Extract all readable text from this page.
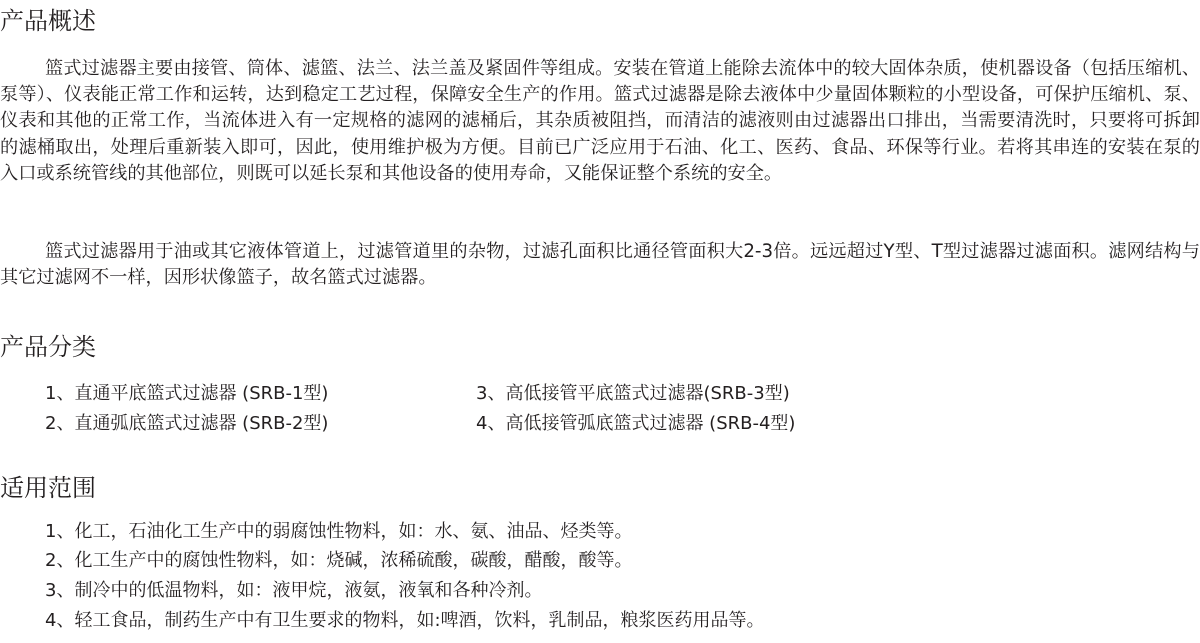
产品概述

篮式过滤器主要由接管、筒体、滤篮、法兰、法兰盖及紧固件等组成。安装在管道上能除去流体中的较大固体杂质，使机器设备（包括压缩机、泵等）、仪表能正常工作和运转，达到稳定工艺过程，保障安全生产的作用。篮式过滤器是除去液体中少量固体颗粒的小型设备，可保护压缩机、泵、仪表和其他的正常工作，当流体进入有一定规格的滤网的滤桶后，其杂质被阻挡，而清洁的滤液则由过滤器出口排出，当需要清洗时，只要将可拆卸的滤桶取出，处理后重新装入即可，因此，使用维护极为方便。目前已广泛应用于石油、化工、医药、食品、环保等行业。若将其串连的安装在泵的入口或系统管线的其他部位，则既可以延长泵和其他设备的使用寿命，又能保证整个系统的安全。

篮式过滤器用于油或其它液体管道上，过滤管道里的杂物，过滤孔面积比通径管面积大2-3倍。远远超过Y型、T型过滤器过滤面积。滤网结构与其它过滤网不一样，因形状像篮子，故名篮式过滤器。

产品分类

1、直通平底篮式过滤器 (SRB-1型)

2、直通弧底篮式过滤器 (SRB-2型)

3、高低接管平底篮式过滤器(SRB-3型)

4、高低接管弧底篮式过滤器 (SRB-4型)

适用范围

1、化工，石油化工生产中的弱腐蚀性物料，如：水、氨、油品、烃类等。

2、化工生产中的腐蚀性物料，如：烧碱，浓稀硫酸，碳酸，醋酸，酸等。

3、制冷中的低温物料，如：液甲烷，液氨，液氧和各种冷剂。

4、轻工食品，制药生产中有卫生要求的物料，如:啤酒，饮料，乳制品，粮浆医药用品等。
